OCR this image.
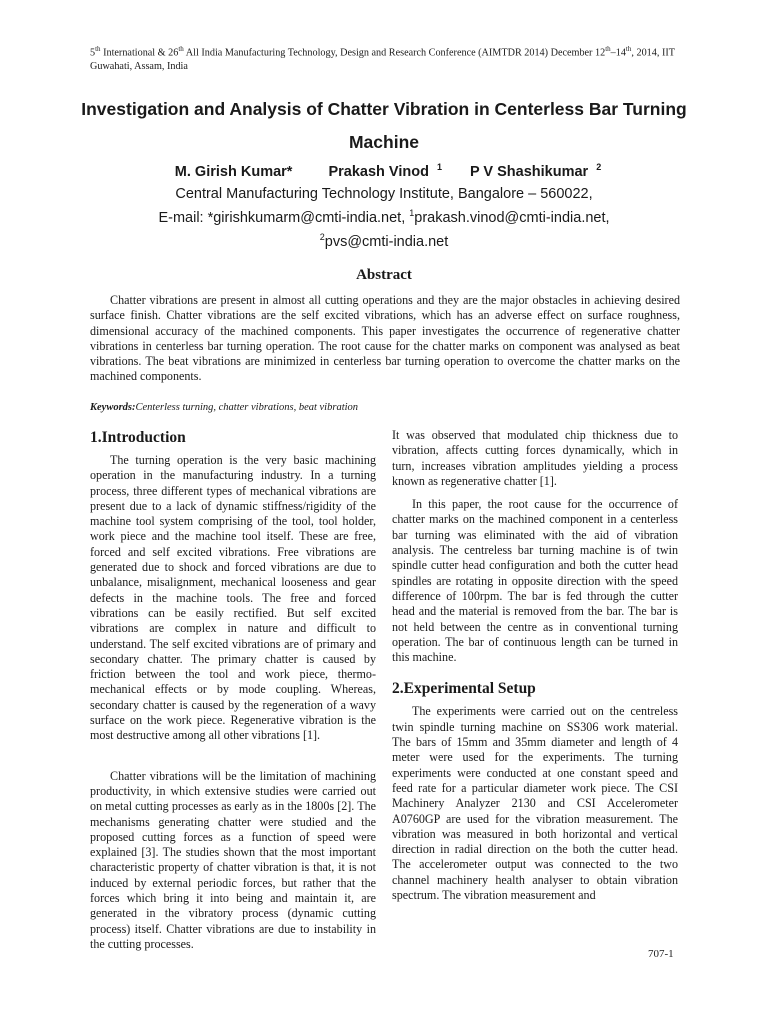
5th International & 26th All India Manufacturing Technology, Design and Research Conference (AIMTDR 2014) December 12th–14th, 2014, IIT Guwahati, Assam, India
Investigation and Analysis of Chatter Vibration in Centerless Bar Turning Machine
M. Girish Kumar* Prakash Vinod $^1$ P V Shashikumar $^2$
Central Manufacturing Technology Institute, Bangalore – 560022,
E-mail: *girishkumarm@cmti-india.net, $^1$prakash.vinod@cmti-india.net,
$^2$pvs@cmti-india.net
Abstract

Chatter vibrations are present in almost all cutting operations and they are the major obstacles in achieving desired surface finish. Chatter vibrations are the self excited vibrations, which has an adverse effect on surface roughness, dimensional accuracy of the machined components. This paper investigates the occurrence of regenerative chatter vibrations in centerless bar turning operation. The root cause for the chatter marks on component was analysed as beat vibrations. The beat vibrations are minimized in centerless bar turning operation to overcome the chatter marks on the machined components.

Keywords:Centerless turning, chatter vibrations, beat vibration
1.Introduction

The turning operation is the very basic machining operation in the manufacturing industry. In a turning process, three different types of mechanical vibrations are present due to a lack of dynamic stiffness/rigidity of the machine tool system comprising of the tool, tool holder, work piece and the machine tool itself. These are free, forced and self excited vibrations. Free vibrations are generated due to shock and forced vibrations are due to unbalance, misalignment, mechanical looseness and gear defects in the machine tools. The free and forced vibrations can be easily rectified. But self excited vibrations are complex in nature and difficult to understand. The self excited vibrations are of primary and secondary chatter. The primary chatter is caused by friction between the tool and work piece, thermo-mechanical effects or by mode coupling. Whereas, secondary chatter is caused by the regeneration of a wavy surface on the work piece. Regenerative vibration is the most destructive among all other vibrations [1].

Chatter vibrations will be the limitation of machining productivity, in which extensive studies were carried out on metal cutting processes as early as in the 1800s [2]. The mechanisms generating chatter were studied and the proposed cutting forces as a function of speed were explained [3]. The studies shown that the most important characteristic property of chatter vibration is that, it is not induced by external periodic forces, but rather that the forces which bring it into being and maintain it, are generated in the vibratory process (dynamic cutting process) itself. Chatter vibrations are due to instability in the cutting processes.

It was observed that modulated chip thickness due to vibration, affects cutting forces dynamically, which in turn, increases vibration amplitudes yielding a process known as regenerative chatter [1].

In this paper, the root cause for the occurrence of chatter marks on the machined component in a centerless bar turning was eliminated with the aid of vibration analysis. The centreless bar turning machine is of twin spindle cutter head configuration and both the cutter head spindles are rotating in opposite direction with the speed difference of 100rpm. The bar is fed through the cutter head and the material is removed from the bar. The bar is not held between the centre as in conventional turning operation. The bar of continuous length can be turned in this machine.

2.Experimental Setup

The experiments were carried out on the centreless twin spindle turning machine on SS306 work material. The bars of 15mm and 35mm diameter and length of 4 meter were used for the experiments. The turning experiments were conducted at one constant speed and feed rate for a particular diameter work piece. The CSI Machinery Analyzer 2130 and CSI Accelerometer A0760GP are used for the vibration measurement. The vibration was measured in both horizontal and vertical direction in radial direction on the both the cutter head. The accelerometer output was connected to the two channel machinery health analyser to obtain vibration spectrum. The vibration measurement and

707-1
